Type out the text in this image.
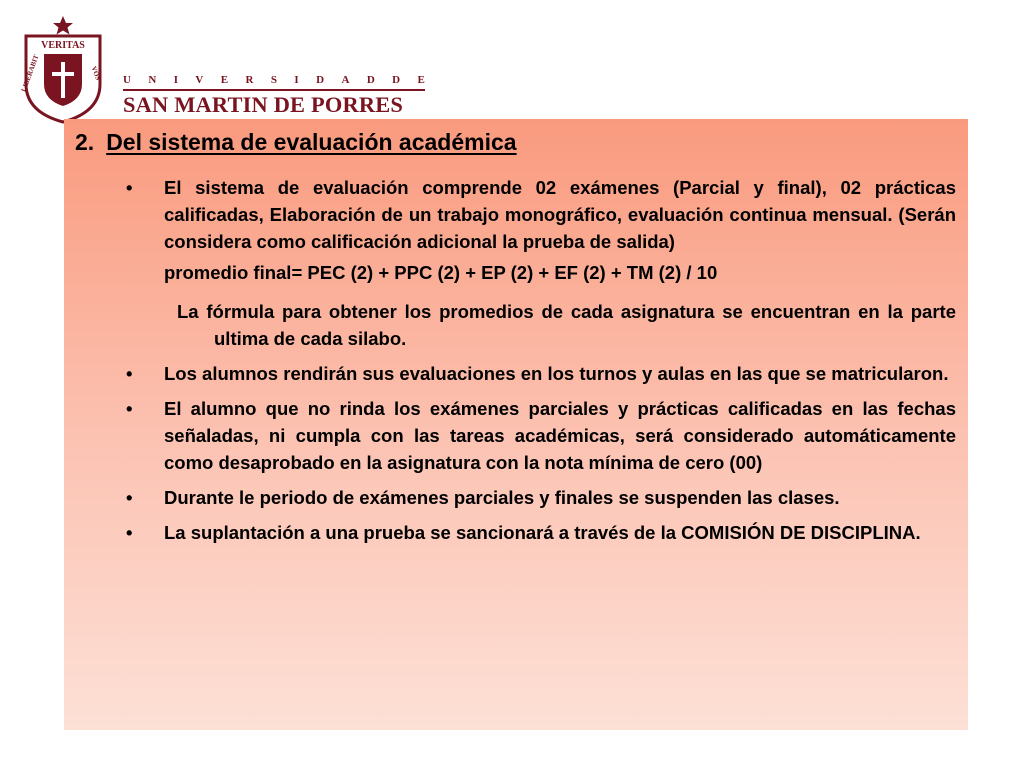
VERITAS
LIBERABIT	VOS U N I V E R S I D A D D E
SAN MARTIN DE PORRES
2. Del sistema de evaluación académica

• El sistema de evaluación comprende 02 exámenes (Parcial y final), 02 prácticas calificadas, Elaboración de un trabajo monográfico, evaluación continua mensual. (Serán considera como calificación adicional la prueba de salida)

promedio final= PEC (2) + PPC (2) + EP (2) + EF (2) + TM (2) / 10
La fórmula para obtener los promedios de cada asignatura se encuentran en la parte ultima de cada silabo.

• Los alumnos rendirán sus evaluaciones en los turnos y aulas en las que se matricularon.

• El alumno que no rinda los exámenes parciales y prácticas calificadas en las fechas señaladas, ni cumpla con las tareas académicas, será considerado automáticamente como desaprobado en la asignatura con la nota mínima de cero (00)

• Durante le periodo de exámenes parciales y finales se suspenden las clases.

• La suplantación a una prueba se sancionará a través de la COMISIÓN DE DISCIPLINA.
